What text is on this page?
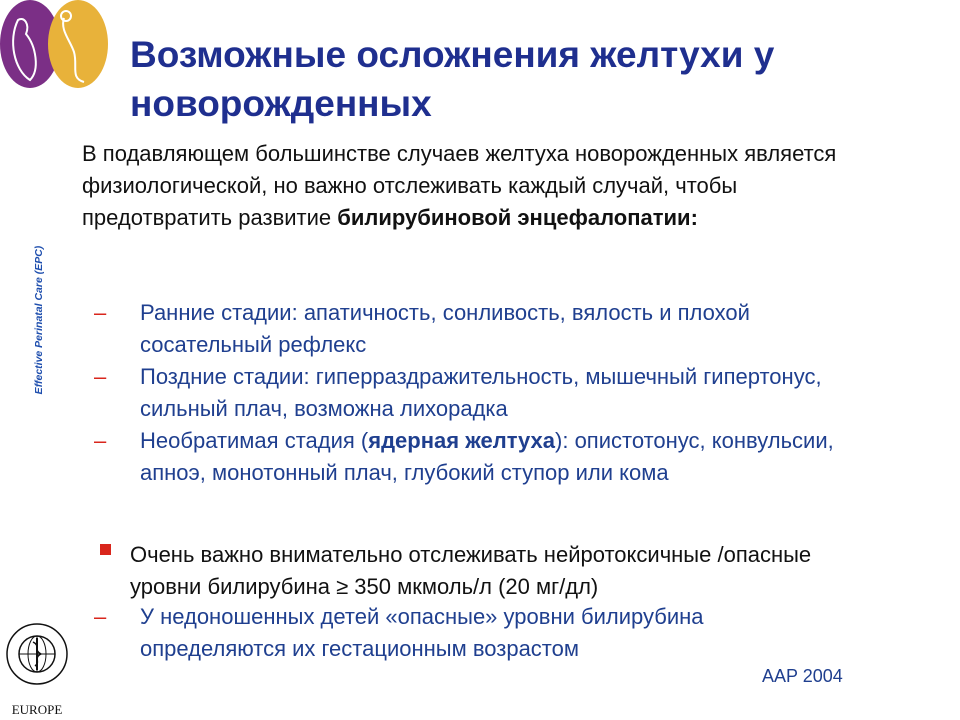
Effective Perinatal Care (EPC)
Возможные осложнения желтухи у новорожденных

В подавляющем большинстве случаев желтуха новорожденных является физиологической, но важно отслеживать каждый случай, чтобы предотвратить развитие билирубиновой энцефалопатии:

– Ранние стадии: апатичность, сонливость, вялость и плохой сосательный рефлекс
– Поздние стадии: гиперраздражительность, мышечный гипертонус, сильный плач, возможна лихорадка
– Необратимая стадия (ядерная желтуха): опистотонус, конвульсии, апноэ, монотонный плач, глубокий ступор или кома
Очень важно внимательно отслеживать нейротоксичные /опасные уровни билирубина ≥ 350 мкмоль/л (20 мг/дл)
– У недоношенных детей «опасные» уровни билирубина определяются их гестационным возрастом
AAP 2004
EUROPE
